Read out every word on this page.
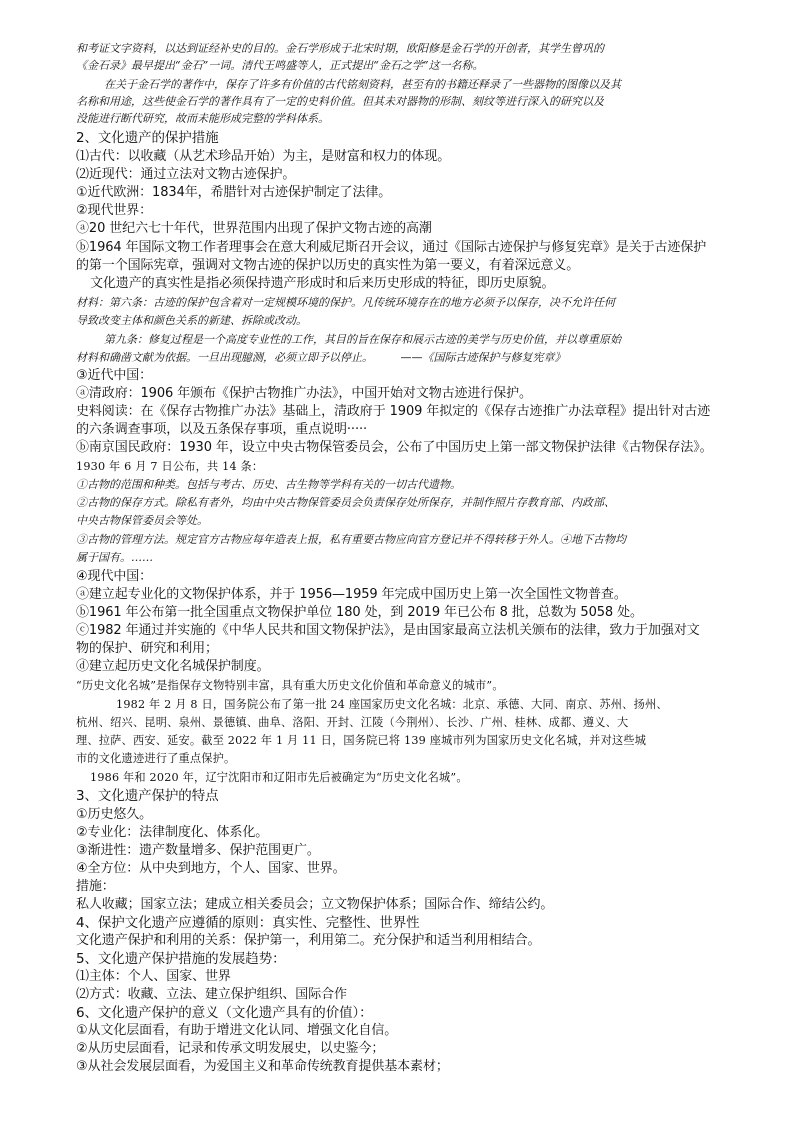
和考证文字资料，以达到证经补史的目的。金石学形成于北宋时期，欧阳修是金石学的开创者，其学生曾巩的
《金石录》最早提出“金石”一词。清代王鸣盛等人，正式提出“金石之学”这一名称。
在关于金石学的著作中，保存了许多有价值的古代铭刻资料，甚至有的书籍还释录了一些器物的图像以及其
名称和用途，这些使金石学的著作具有了一定的史料价值。但其未对器物的形制、刻纹等进行深入的研究以及
没能进行断代研究，故而未能形成完整的学科体系。
2、文化遗产的保护措施
⑴古代：以收藏（从艺术珍品开始）为主，是财富和权力的体现。
⑵近现代：通过立法对文物古迹保护。
①近代欧洲：1834年，希腊针对古迹保护制定了法律。
②现代世界：
ⓐ20 世纪六七十年代，世界范围内出现了保护文物古迹的高潮
ⓑ1964 年国际文物工作者理事会在意大利威尼斯召开会议，通过《国际古迹保护与修复宪章》是关于古迹保护
的第一个国际宪章，强调对文物古迹的保护以历史的真实性为第一要义，有着深远意义。
文化遗产的真实性是指必须保持遗产形成时和后来历史形成的特征，即历史原貌。
材料：第六条：古迹的保护包含着对一定规模环境的保护。凡传统环境存在的地方必须予以保存，决不允许任何
导致改变主体和颜色关系的新建、拆除或改动。
第九条：修复过程是一个高度专业性的工作，其目的旨在保存和展示古迹的美学与历史价值，并以尊重原始
材料和确凿文献为依据。一旦出现臆测，必须立即予以停止。　　　——《国际古迹保护与修复宪章》
③近代中国：
ⓐ清政府：1906 年颁布《保护古物推广办法》，中国开始对文物古迹进行保护。
史料阅读：在《保存古物推广办法》基础上，清政府于 1909 年拟定的《保存古迹推广办法章程》提出针对古迹
的六条调查事项，以及五条保存事项，重点说明·····
ⓑ南京国民政府：1930 年，设立中央古物保管委员会，公布了中国历史上第一部文物保护法律《古物保存法》。
1930 年 6 月 7 日公布，共 14 条：
①古物的范围和种类。包括与考古、历史、古生物等学科有关的一切古代遗物。
②古物的保存方式。除私有者外，均由中央古物保管委员会负责保存处所保存，并制作照片存教育部、内政部、
中央古物保管委员会等处。
③古物的管理方法。规定官方古物应每年造表上报，私有重要古物应向官方登记并不得转移于外人。④地下古物均
属于国有。……
④现代中国：
ⓐ建立起专业化的文物保护体系，并于 1956—1959 年完成中国历史上第一次全国性文物普查。
ⓑ1961 年公布第一批全国重点文物保护单位 180 处，到 2019 年已公布 8 批，总数为 5058 处。
ⓒ1982 年通过并实施的《中华人民共和国文物保护法》，是由国家最高立法机关颁布的法律，致力于加强对文
物的保护、研究和利用；
ⓓ建立起历史文化名城保护制度。
“历史文化名城”是指保存文物特别丰富，具有重大历史文化价值和革命意义的城市”。
1982 年 2 月 8 日，国务院公布了第一批 24 座国家历史文化名城：北京、承德、大同、南京、苏州、扬州、
杭州、绍兴、昆明、泉州、景德镇、曲阜、洛阳、开封、江陵（今荆州）、长沙、广州、桂林、成都、遵义、大
理、拉萨、西安、延安。截至 2022 年 1 月 11 日，国务院已将 139 座城市列为国家历史文化名城，并对这些城
市的文化遗迹进行了重点保护。
1986 年和 2020 年，辽宁沈阳市和辽阳市先后被确定为“历史文化名城”。
3、文化遗产保护的特点
①历史悠久。
②专业化：法律制度化、体系化。
③渐进性：遗产数量增多、保护范围更广。
④全方位：从中央到地方，个人、国家、世界。
措施：
私人收藏；国家立法；建成立相关委员会；立文物保护体系；国际合作、缔结公约。
4、保护文化遗产应遵循的原则：真实性、完整性、世界性
文化遗产保护和利用的关系：保护第一，利用第二。充分保护和适当利用相结合。
5、文化遗产保护措施的发展趋势：
⑴主体：个人、国家、世界
⑵方式：收藏、立法、建立保护组织、国际合作
6、文化遗产保护的意义（文化遗产具有的价值）：
①从文化层面看，有助于增进文化认同、增强文化自信。
②从历史层面看，记录和传承文明发展史，以史鉴今；
③从社会发展层面看，为爱国主义和革命传统教育提供基本素材；
